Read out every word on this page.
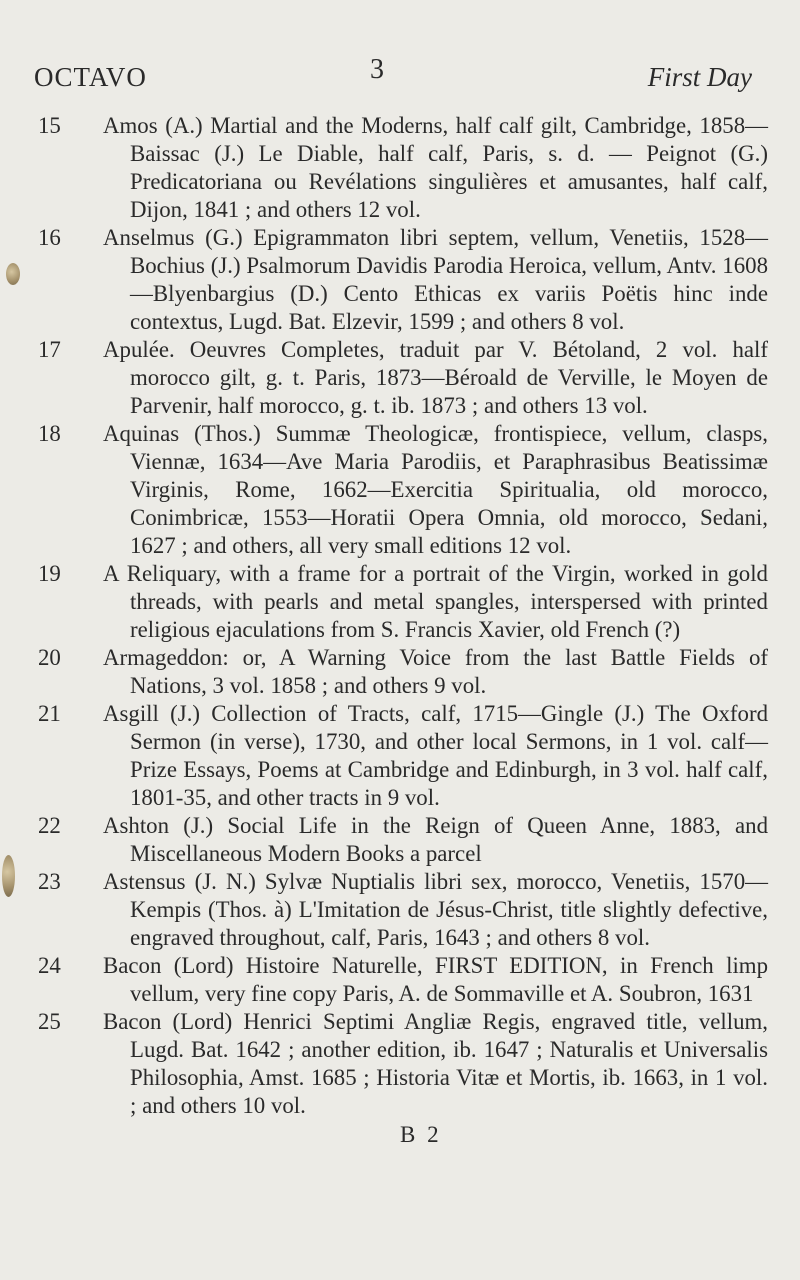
OCTAVO	3	First Day
15	Amos (A.) Martial and the Moderns, half calf gilt, Cambridge, 1858—Baissac (J.) Le Diable, half calf, Paris, s. d. — Peignot (G.) Predicatoriana ou Revélations singulières et amusantes, half calf, Dijon, 1841 ; and others 12 vol.
16	Anselmus (G.) Epigrammaton libri septem, vellum, Venetiis, 1528—Bochius (J.) Psalmorum Davidis Parodia Heroica, vellum, Antv. 1608—Blyenbargius (D.) Cento Ethicas ex variis Poëtis hinc inde contextus, Lugd. Bat. Elzevir, 1599 ; and others 8 vol.
17	Apulée. Oeuvres Completes, traduit par V. Bétoland, 2 vol. half morocco gilt, g. t. Paris, 1873—Béroald de Verville, le Moyen de Parvenir, half morocco, g. t. ib. 1873 ; and others 13 vol.
18	Aquinas (Thos.) Summæ Theologicæ, frontispiece, vellum, clasps, Viennæ, 1634—Ave Maria Parodiis, et Paraphrasibus Beatissimæ Virginis, Rome, 1662—Exercitia Spiritualia, old morocco, Conimbricæ, 1553—Horatii Opera Omnia, old morocco, Sedani, 1627 ; and others, all very small editions 12 vol.
19	A Reliquary, with a frame for a portrait of the Virgin, worked in gold threads, with pearls and metal spangles, interspersed with printed religious ejaculations from S. Francis Xavier, old French (?)
20	Armageddon: or, A Warning Voice from the last Battle Fields of Nations, 3 vol. 1858 ; and others 9 vol.
21	Asgill (J.) Collection of Tracts, calf, 1715—Gingle (J.) The Oxford Sermon (in verse), 1730, and other local Sermons, in 1 vol. calf—Prize Essays, Poems at Cambridge and Edinburgh, in 3 vol. half calf, 1801-35, and other tracts in 9 vol.
22	Ashton (J.) Social Life in the Reign of Queen Anne, 1883, and Miscellaneous Modern Books a parcel
23	Astensus (J. N.) Sylvæ Nuptialis libri sex, morocco, Venetiis, 1570—Kempis (Thos. à) L'Imitation de Jésus-Christ, title slightly defective, engraved throughout, calf, Paris, 1643 ; and others 8 vol.
24	Bacon (Lord) Histoire Naturelle, FIRST EDITION, in French limp vellum, very fine copy Paris, A. de Sommaville et A. Soubron, 1631
25	Bacon (Lord) Henrici Septimi Angliæ Regis, engraved title, vellum, Lugd. Bat. 1642 ; another edition, ib. 1647 ; Naturalis et Universalis Philosophia, Amst. 1685 ; Historia Vitæ et Mortis, ib. 1663, in 1 vol. ; and others 10 vol.
B 2
